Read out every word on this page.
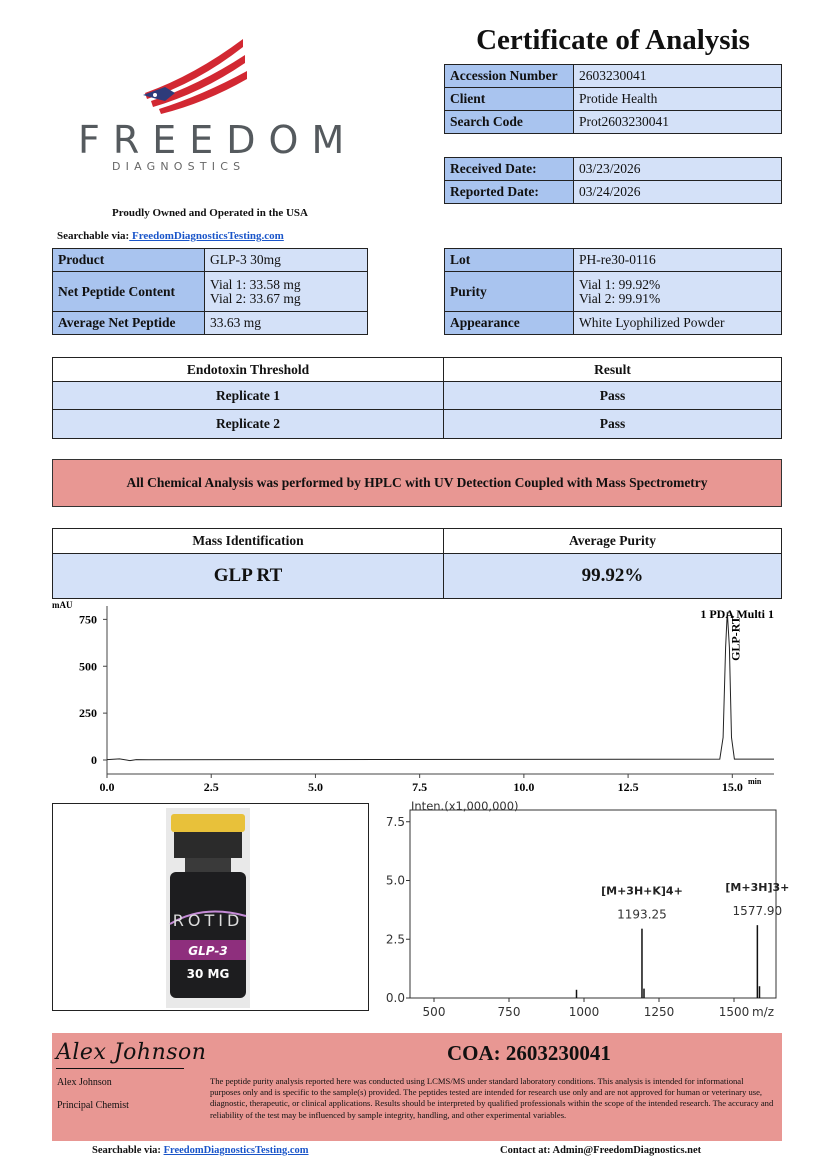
FREEDOM
DIAGNOSTICS
Proudly Owned and Operated in the USA
Searchable via: FreedomDiagnosticsTesting.com
Certificate of Analysis
Accession Number	2603230041
Client	Protide Health
Search Code	Prot2603230041
Received Date:	03/23/2026
Reported Date:	03/24/2026
Product	GLP-3 30mg
Net Peptide Content	Vial 1: 33.58 mg
Vial 2: 33.67 mg

Average Net Peptide	33.63 mg
Lot	PH-re30-0116
Purity	Vial 1: 99.92%
Vial 2: 99.91%

Appearance	White Lyophilized Powder
Endotoxin Threshold	Result
Replicate 1	Pass
Replicate 2	Pass
All Chemical Analysis was performed by HPLC with UV Detection Coupled with Mass Spectrometry
Mass Identification	Average Purity
GLP RT	99.92%
mAU
0
250
500
750
0.0	2.5	5.0	7.5	10.0	12.5	15.0 min
1 PDA Multi 1
GLP-RT
ROTID
GLP-3
30 MG
Inten.(x1,000,000)
0.0
2.5
5.0
7.5
500	750	1000	1250	1500 m/z
1193.25
[M+3H+K]4+
1577.90
[M+3H]3+
Alex Johnson	COA: 2603230041
Alex Johnson
Principal Chemist
The peptide purity analysis reported here was conducted using LCMS/MS under standard laboratory conditions. This analysis is intended for informational purposes only and is specific to the sample(s) provided. The peptides tested are intended for research use only and are not approved for human or veterinary use, diagnostic, therapeutic, or clinical applications. Results should be interpreted by qualified professionals within the scope of the intended research. The accuracy and reliability of the test may be influenced by sample integrity, handling, and other experimental variables.
Searchable via: FreedomDiagnosticsTesting.com	Contact at: Admin@FreedomDiagnostics.net
